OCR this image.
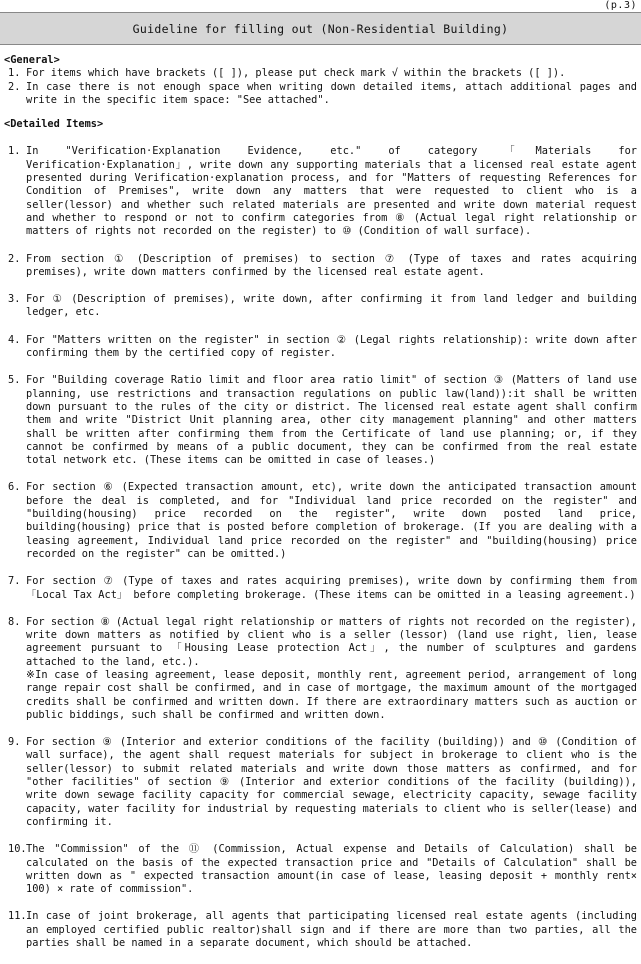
(p.3)
Guideline for filling out (Non-Residential Building)

<General>

1. For items which have brackets ([ ]), please put check mark √ within the brackets ([ ]).
2. In case there is not enough space when writing down detailed items, attach additional pages and write in the specific item space: "See attached".

<Detailed Items>

1. In "Verification·Explanation Evidence, etc." of category 「Materials for Verification·Explanation」, write down any supporting materials that a licensed real estate agent presented during Verification·explanation process, and for "Matters of requesting References for Condition of Premises", write down any matters that were requested to client who is a seller(lessor) and whether such related materials are presented and write down material request and whether to respond or not to confirm categories from ⑧ (Actual legal right relationship or matters of rights not recorded on the register) to ⑩ (Condition of wall surface).
2. From section ① (Description of premises) to section ⑦ (Type of taxes and rates acquiring premises), write down matters confirmed by the licensed real estate agent.
3. For ① (Description of premises), write down, after confirming it from land ledger and building ledger, etc.
4. For "Matters written on the register" in section ② (Legal rights relationship): write down after confirming them by the certified copy of register.
5. For "Building coverage Ratio limit and floor area ratio limit" of section ③ (Matters of land use planning, use restrictions and transaction regulations on public law(land)):it shall be written down pursuant to the rules of the city or district. The licensed real estate agent shall confirm them and write "District Unit planning area, other city management planning" and other matters shall be written after confirming them from the Certificate of land use planning; or, if they cannot be confirmed by means of a public document, they can be confirmed from the real estate total network etc. (These items can be omitted in case of leases.)
6. For section ⑥ (Expected transaction amount, etc), write down the anticipated transaction amount before the deal is completed, and for "Individual land price recorded on the register" and "building(housing) price recorded on the register", write down posted land price, building(housing) price that is posted before completion of brokerage. (If you are dealing with a leasing agreement, Individual land price recorded on the register" and "building(housing) price recorded on the register" can be omitted.)
7. For section ⑦ (Type of taxes and rates acquiring premises), write down by confirming them from 「Local Tax Act」 before completing brokerage. (These items can be omitted in a leasing agreement.)
8. For section ⑧ (Actual legal right relationship or matters of rights not recorded on the register), write down matters as notified by client who is a seller (lessor) (land use right, lien, lease agreement pursuant to 「Housing Lease protection Act」, the number of sculptures and gardens attached to the land, etc.).
※In case of leasing agreement, lease deposit, monthly rent, agreement period, arrangement of long range repair cost shall be confirmed, and in case of mortgage, the maximum amount of the mortgaged credits shall be confirmed and written down. If there are extraordinary matters such as auction or public biddings, such shall be confirmed and written down.
9. For section ⑨ (Interior and exterior conditions of the facility (building)) and ⑩ (Condition of wall surface), the agent shall request materials for subject in brokerage to client who is the seller(lessor) to submit related materials and write down those matters as confirmed, and for "other facilities" of section ⑨ (Interior and exterior conditions of the facility (building)), write down sewage facility capacity for commercial sewage, electricity capacity, sewage facility capacity, water facility for industrial by requesting materials to client who is seller(lease) and confirming it.
10. The "Commission" of the ⑪ (Commission, Actual expense and Details of Calculation) shall be calculated on the basis of the expected transaction price and "Details of Calculation" shall be written down as " expected transaction amount(in case of lease, leasing deposit + monthly rent× 100) × rate of commission".
11. In case of joint brokerage, all agents that participating licensed real estate agents (including an employed certified public realtor)shall sign and if there are more than two parties, all the parties shall be named in a separate document, which should be attached.
